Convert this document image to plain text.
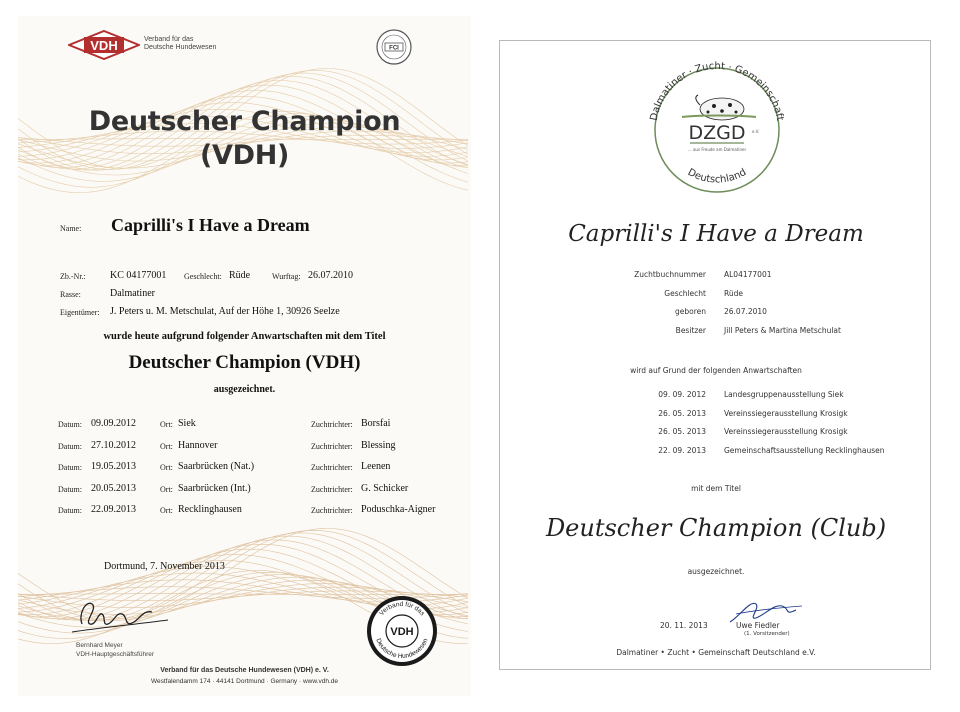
VDH	Verband für das
Deutsche Hundewesen	FCI
Deutscher Champion
(VDH)
Name: Caprilli's I Have a Dream
Zb.-Nr.: KC 04177001 Geschlecht: Rüde	Wurftag: 26.07.2010
Rasse:	Dalmatiner
Eigentümer: J. Peters u. M. Metschulat, Auf der Höhe 1, 30926 Seelze
wurde heute aufgrund folgender Anwartschaften mit dem Titel
Deutscher Champion (VDH)
ausgezeichnet.
Datum: 09.09.2012	Ort: Siek	Zuchtrichter: Borsfai
Datum: 27.10.2012	Ort: Hannover	Zuchtrichter: Blessing
Datum: 19.05.2013	Ort: Saarbrücken (Nat.)	Zuchtrichter: Leenen
Datum: 20.05.2013	Ort: Saarbrücken (Int.)	Zuchtrichter: G. Schicker
Datum: 22.09.2013	Ort: Recklinghausen	Zuchtrichter: Poduschka-Aigner
Dortmund, 7. November 2013
Bernhard Meyer
VDH-Hauptgeschäftsführer
Verband für das
VDH
Deutsche Hundewesen
Verband für das Deutsche Hundewesen (VDH) e. V.
Westfalendamm 174 · 44141 Dortmund · Germany · www.vdh.de
Dalmatiner · Zucht · Gemeinschaft
DZGD e.V.
... aus Freude am Dalmatiner
Deutschland
Caprilli's I Have a Dream
Zuchtbuchnummer AL04177001
Geschlecht Rüde
geboren 26.07.2010
Besitzer Jill Peters & Martina Metschulat
wird auf Grund der folgenden Anwartschaften
09. 09. 2012 Landesgruppenausstellung Siek
26. 05. 2013 Vereinssiegerausstellung Krosigk
26. 05. 2013 Vereinssiegerausstellung Krosigk
22. 09. 2013 Gemeinschaftsausstellung Recklinghausen
mit dem Titel
Deutscher Champion (Club)
ausgezeichnet.
20. 11. 2013	Uwe Fiedler
(1. Vorsitzender)
Dalmatiner • Zucht • Gemeinschaft Deutschland e.V.
